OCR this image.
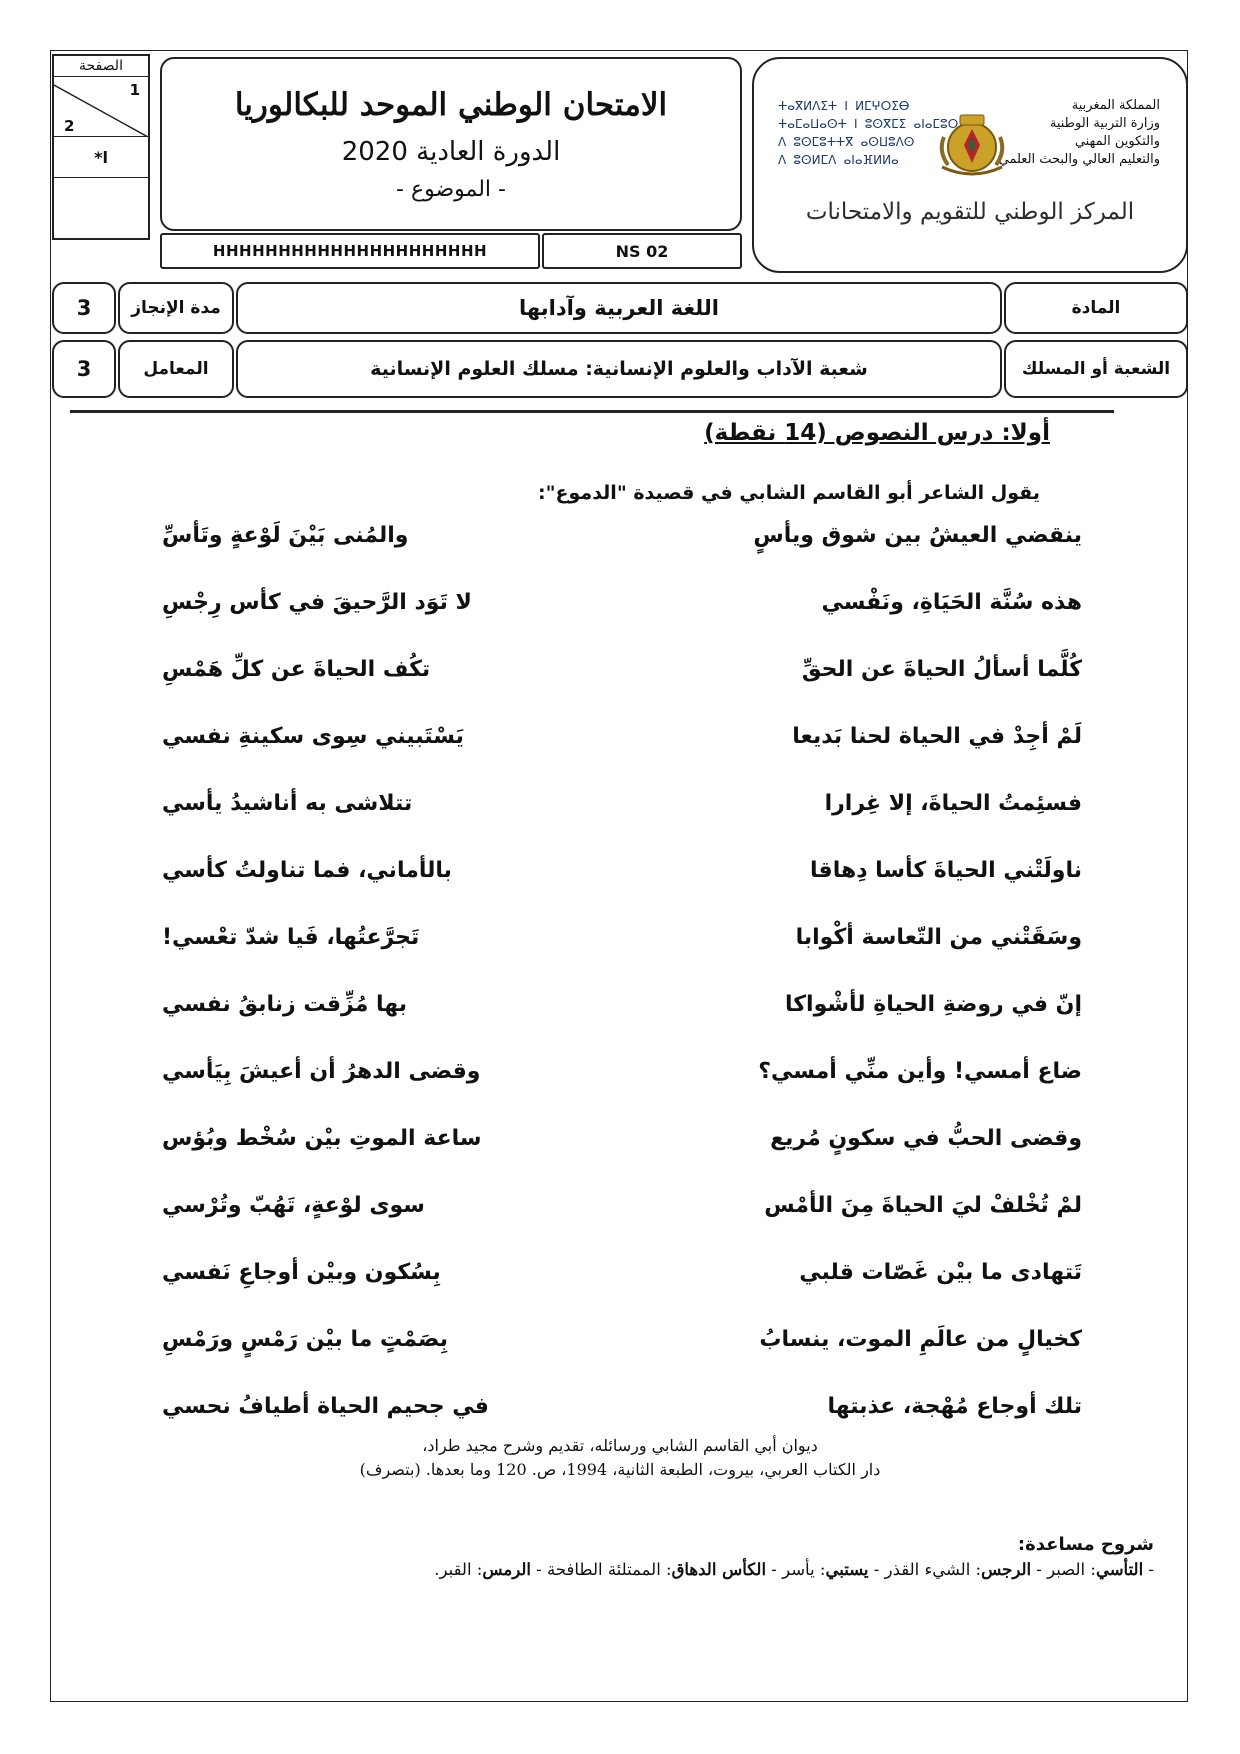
الصفحة
1
2
*ا
الامتحان الوطني الموحد للبكالوريا
الدورة العادية 2020
- الموضوع -
HHHHHHHHHHHHHHHHHHHHH	NS 02
المملكة المغربية
وزارة التربية الوطنية
والتكوين المهني
والتعليم العالي والبحث العلمي
ⵜⴰⴳⵍⴷⵉⵜ ⵏ ⵍⵎⵖⵔⵉⴱ
ⵜⴰⵎⴰⵡⴰⵙⵜ ⵏ ⵓⵙⴳⵎⵉ ⴰⵏⴰⵎⵓⵔ
ⴷ ⵓⵙⵎⵓⵜⵜⴳ ⴰⵙⵡⵓⴷⵙ
ⴷ ⵓⵙⵍⵎⴷ ⴰⵏⴰⴼⵍⵍⴰ
المركز الوطني للتقويم والامتحانات
3	مدة الإنجاز	اللغة العربية وآدابها	المادة
3	المعامل	شعبة الآداب والعلوم الإنسانية: مسلك العلوم الإنسانية	الشعبة أو المسلك
أولا: درس النصوص (14 نقطة)
يقول الشاعر أبو القاسم الشابي في قصيدة "الدموع":
ينقضي العيشُ بين شوق ويأسٍ
والمُنى بَيْنَ لَوْعةٍ وتَأسِّ
هذه سُنَّة الحَيَاةِ، ونَفْسي
لا تَوَد الرَّحيقَ في كأس رِجْسِ
كُلَّما أسألُ الحياةَ عن الحقِّ
تكُف الحياةَ عن كلِّ هَمْسِ
لَمْ أجِدْ في الحياة لحنا بَديعا
يَسْتَبيني سِوى سكينةِ نفسي
فسئِمتُ الحياةَ، إلا غِرارا
تتلاشى به أناشيدُ يأسي
ناولَتْني الحياةَ كأسا دِهاقا
بالأماني، فما تناولتُ كأسي
وسَقَتْني من التّعاسة أكْوابا
تَجرَّعتُها، فَيا شدّ تعْسي!
إنّ في روضةِ الحياةِ لأشْواكا
بها مُزِّقت زنابقُ نفسي
ضاع أمسي! وأين منِّي أمسي؟
وقضى الدهرُ أن أعيشَ بِيَأسي
وقضى الحبُّ في سكونٍ مُريع
ساعة الموتِ بيْن سُخْط وبُؤس
لمْ تُخْلفْ ليَ الحياةَ مِنَ الأمْس
سوى لوْعةٍ، تَهُبّ وتُرْسي
تَتهادى ما بيْن غَصّات قلبي
بِسُكون وبيْن أوجاعِ نَفسي
كخيالٍ من عالَمِ الموت، ينسابُ
بِصَمْتٍ ما بيْن رَمْسٍ ورَمْسِ
تلك أوجاع مُهْجة، عذبتها
في جحيم الحياة أطيافُ نحسي
ديوان أبي القاسم الشابي ورسائله، تقديم وشرح مجيد طراد،
دار الكتاب العربي، بيروت، الطبعة الثانية، 1994، ص. 120 وما بعدها. (بتصرف)
شروح مساعدة:
- التأسي: الصبر - الرجس: الشيء القذر - يستبي: يأسر - الكأس الدهاق: الممتلئة الطافحة - الرمس: القبر.
